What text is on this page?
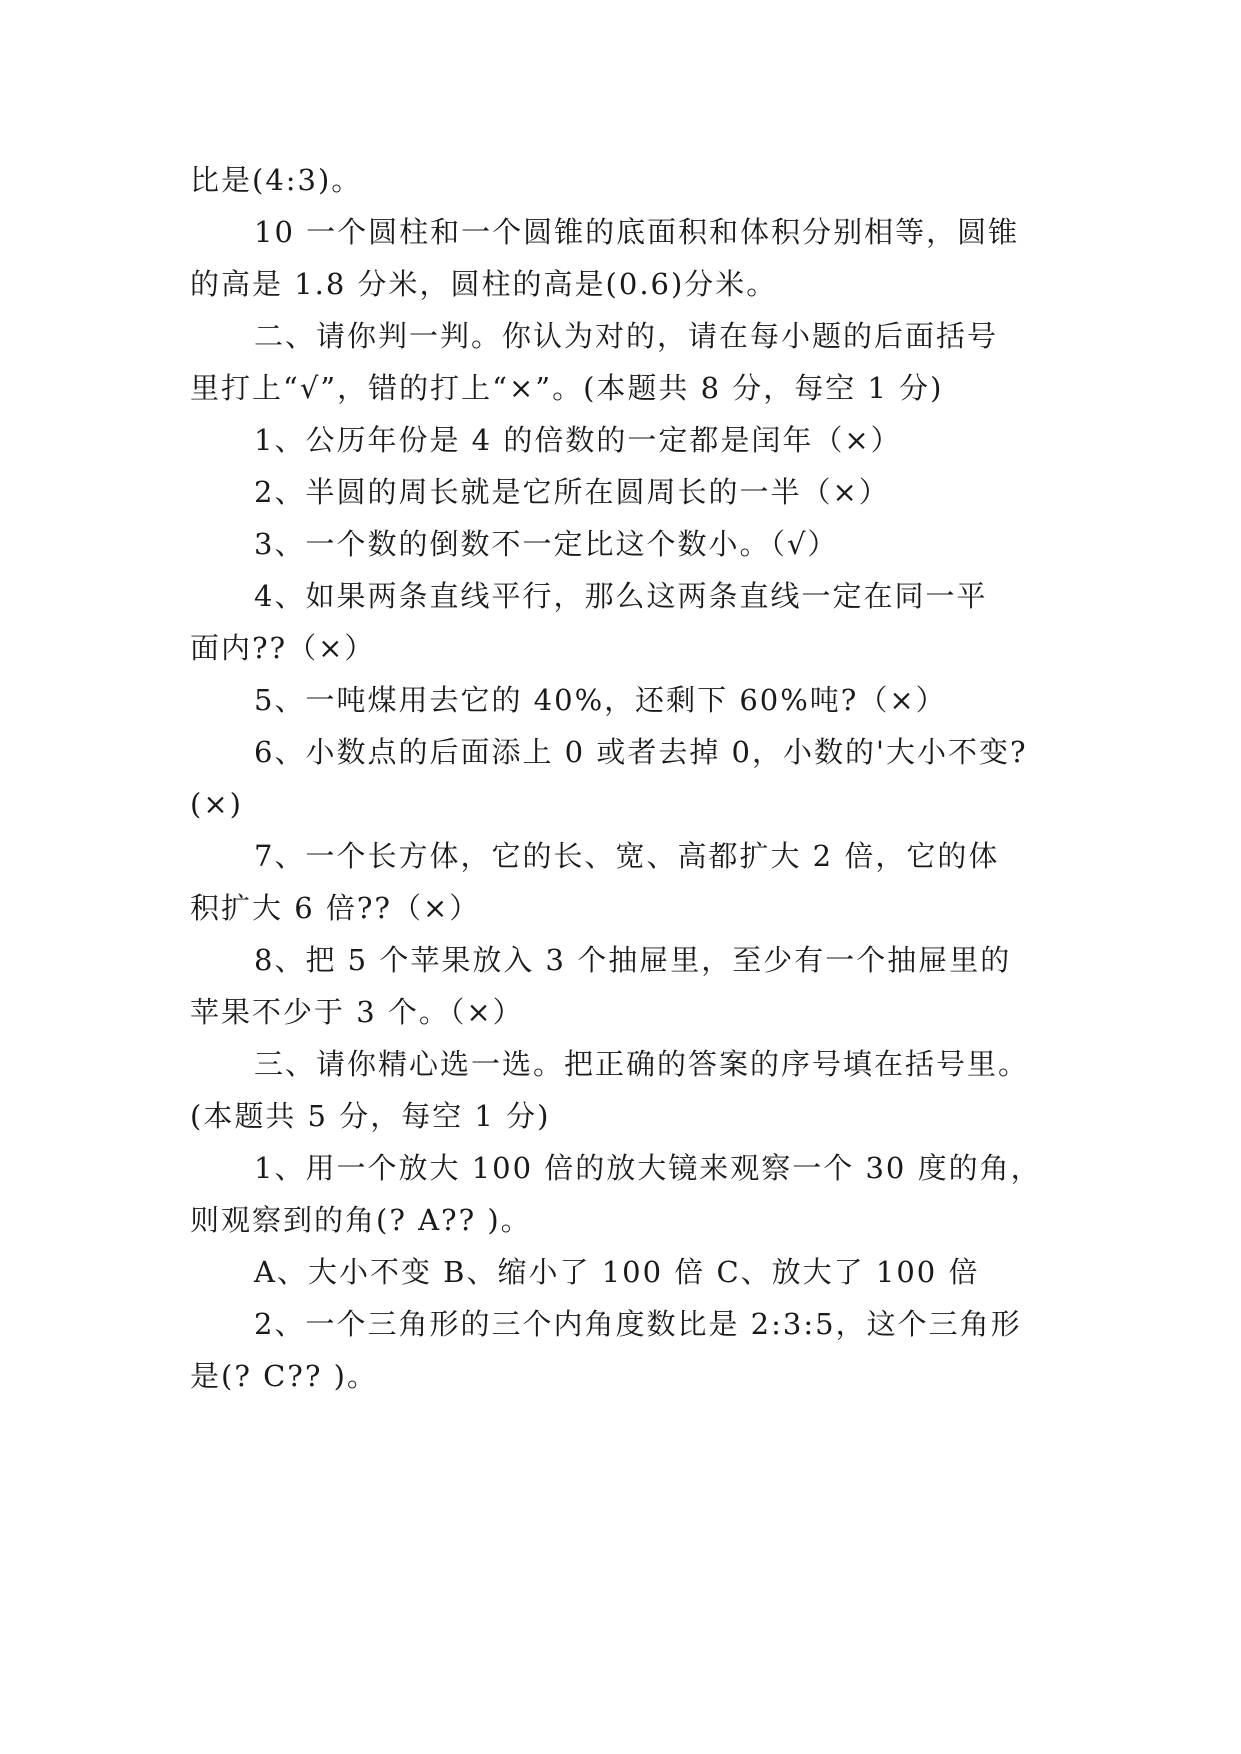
比是(4:3)。
10 一个圆柱和一个圆锥的底面积和体积分别相等，圆锥
的高是 1.8 分米，圆柱的高是(0.6)分米。
二、请你判一判。你认为对的，请在每小题的后面括号
里打上“√”，错的打上“×”。(本题共 8 分，每空 1 分)
1、公历年份是 4 的倍数的一定都是闰年（×）
2、半圆的周长就是它所在圆周长的一半（×）
3、一个数的倒数不一定比这个数小。（√）
4、如果两条直线平行，那么这两条直线一定在同一平
面内??（×）
5、一吨煤用去它的 40%，还剩下 60%吨?（×）
6、小数点的后面添上 0 或者去掉 0，小数的'大小不变?
(×)
7、一个长方体，它的长、宽、高都扩大 2 倍，它的体
积扩大 6 倍??（×）
8、把 5 个苹果放入 3 个抽屉里，至少有一个抽屉里的
苹果不少于 3 个。（×）
三、请你精心选一选。把正确的答案的序号填在括号里。
(本题共 5 分，每空 1 分)
1、用一个放大 100 倍的放大镜来观察一个 30 度的角，
则观察到的角(? A?? )。
A、大小不变 B、缩小了 100 倍 C、放大了 100 倍
2、一个三角形的三个内角度数比是 2:3:5，这个三角形
是(? C?? )。
